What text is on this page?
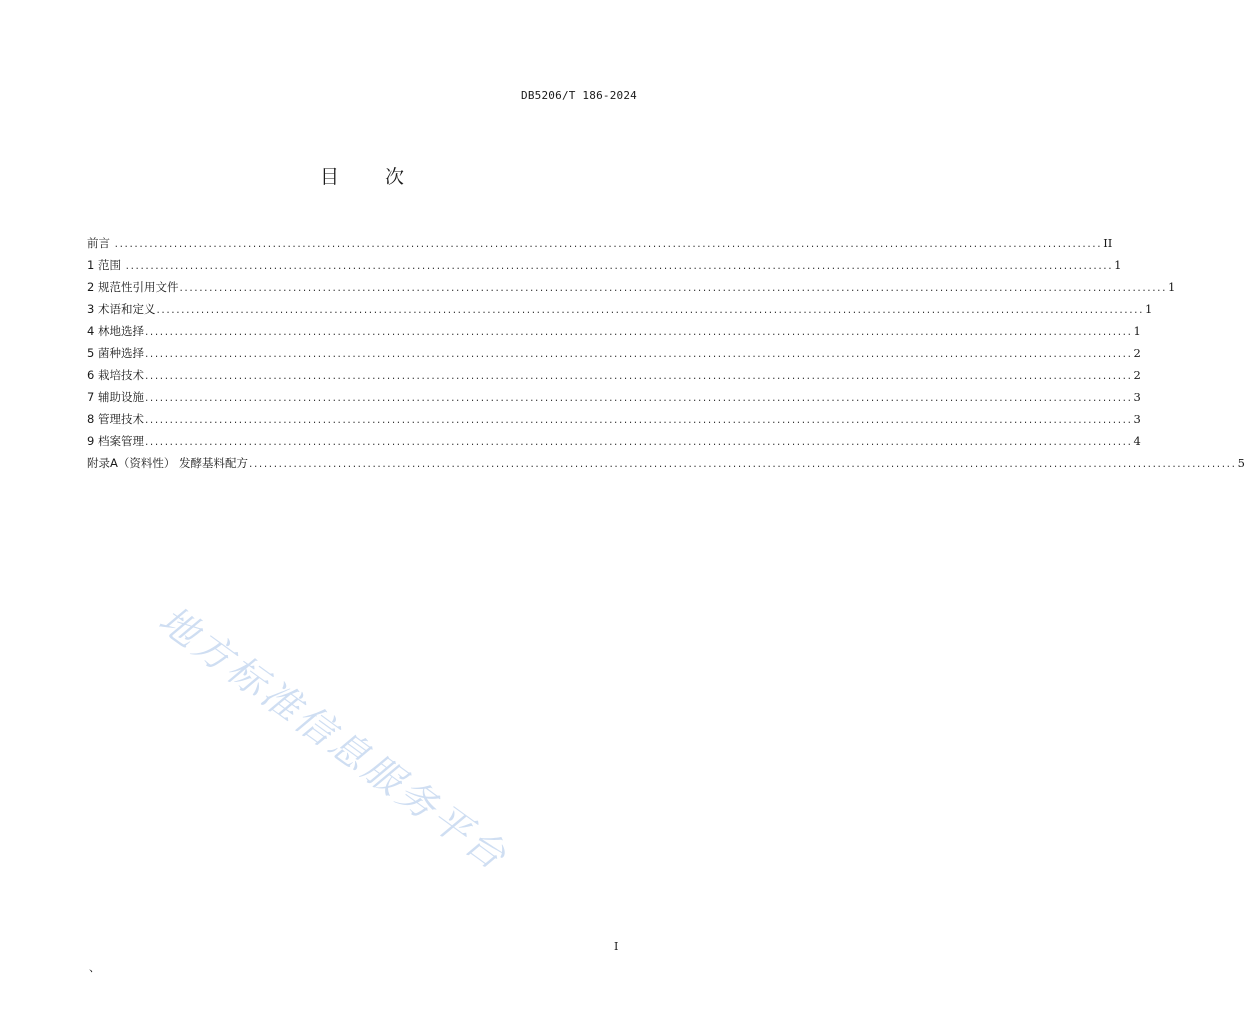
DB5206/T 186-2024
目 次
前言 ........................................................................................................................................................................................................ II
1 范围 ........................................................................................................................................................................................................ 1
2 规范性引用文件 ........................................................................................................................................................................................................ 1
3 术语和定义 ........................................................................................................................................................................................................ 1
4 林地选择 ........................................................................................................................................................................................................ 1
5 菌种选择 ........................................................................................................................................................................................................ 2
6 栽培技术 ........................................................................................................................................................................................................ 2
7 辅助设施 ........................................................................................................................................................................................................ 3
8 管理技术 ........................................................................................................................................................................................................ 3
9 档案管理 ........................................................................................................................................................................................................ 4
附录A（资料性） 发酵基料配方 ........................................................................................................................................................................................................ 5
地方标准信息服务平台
I
、
